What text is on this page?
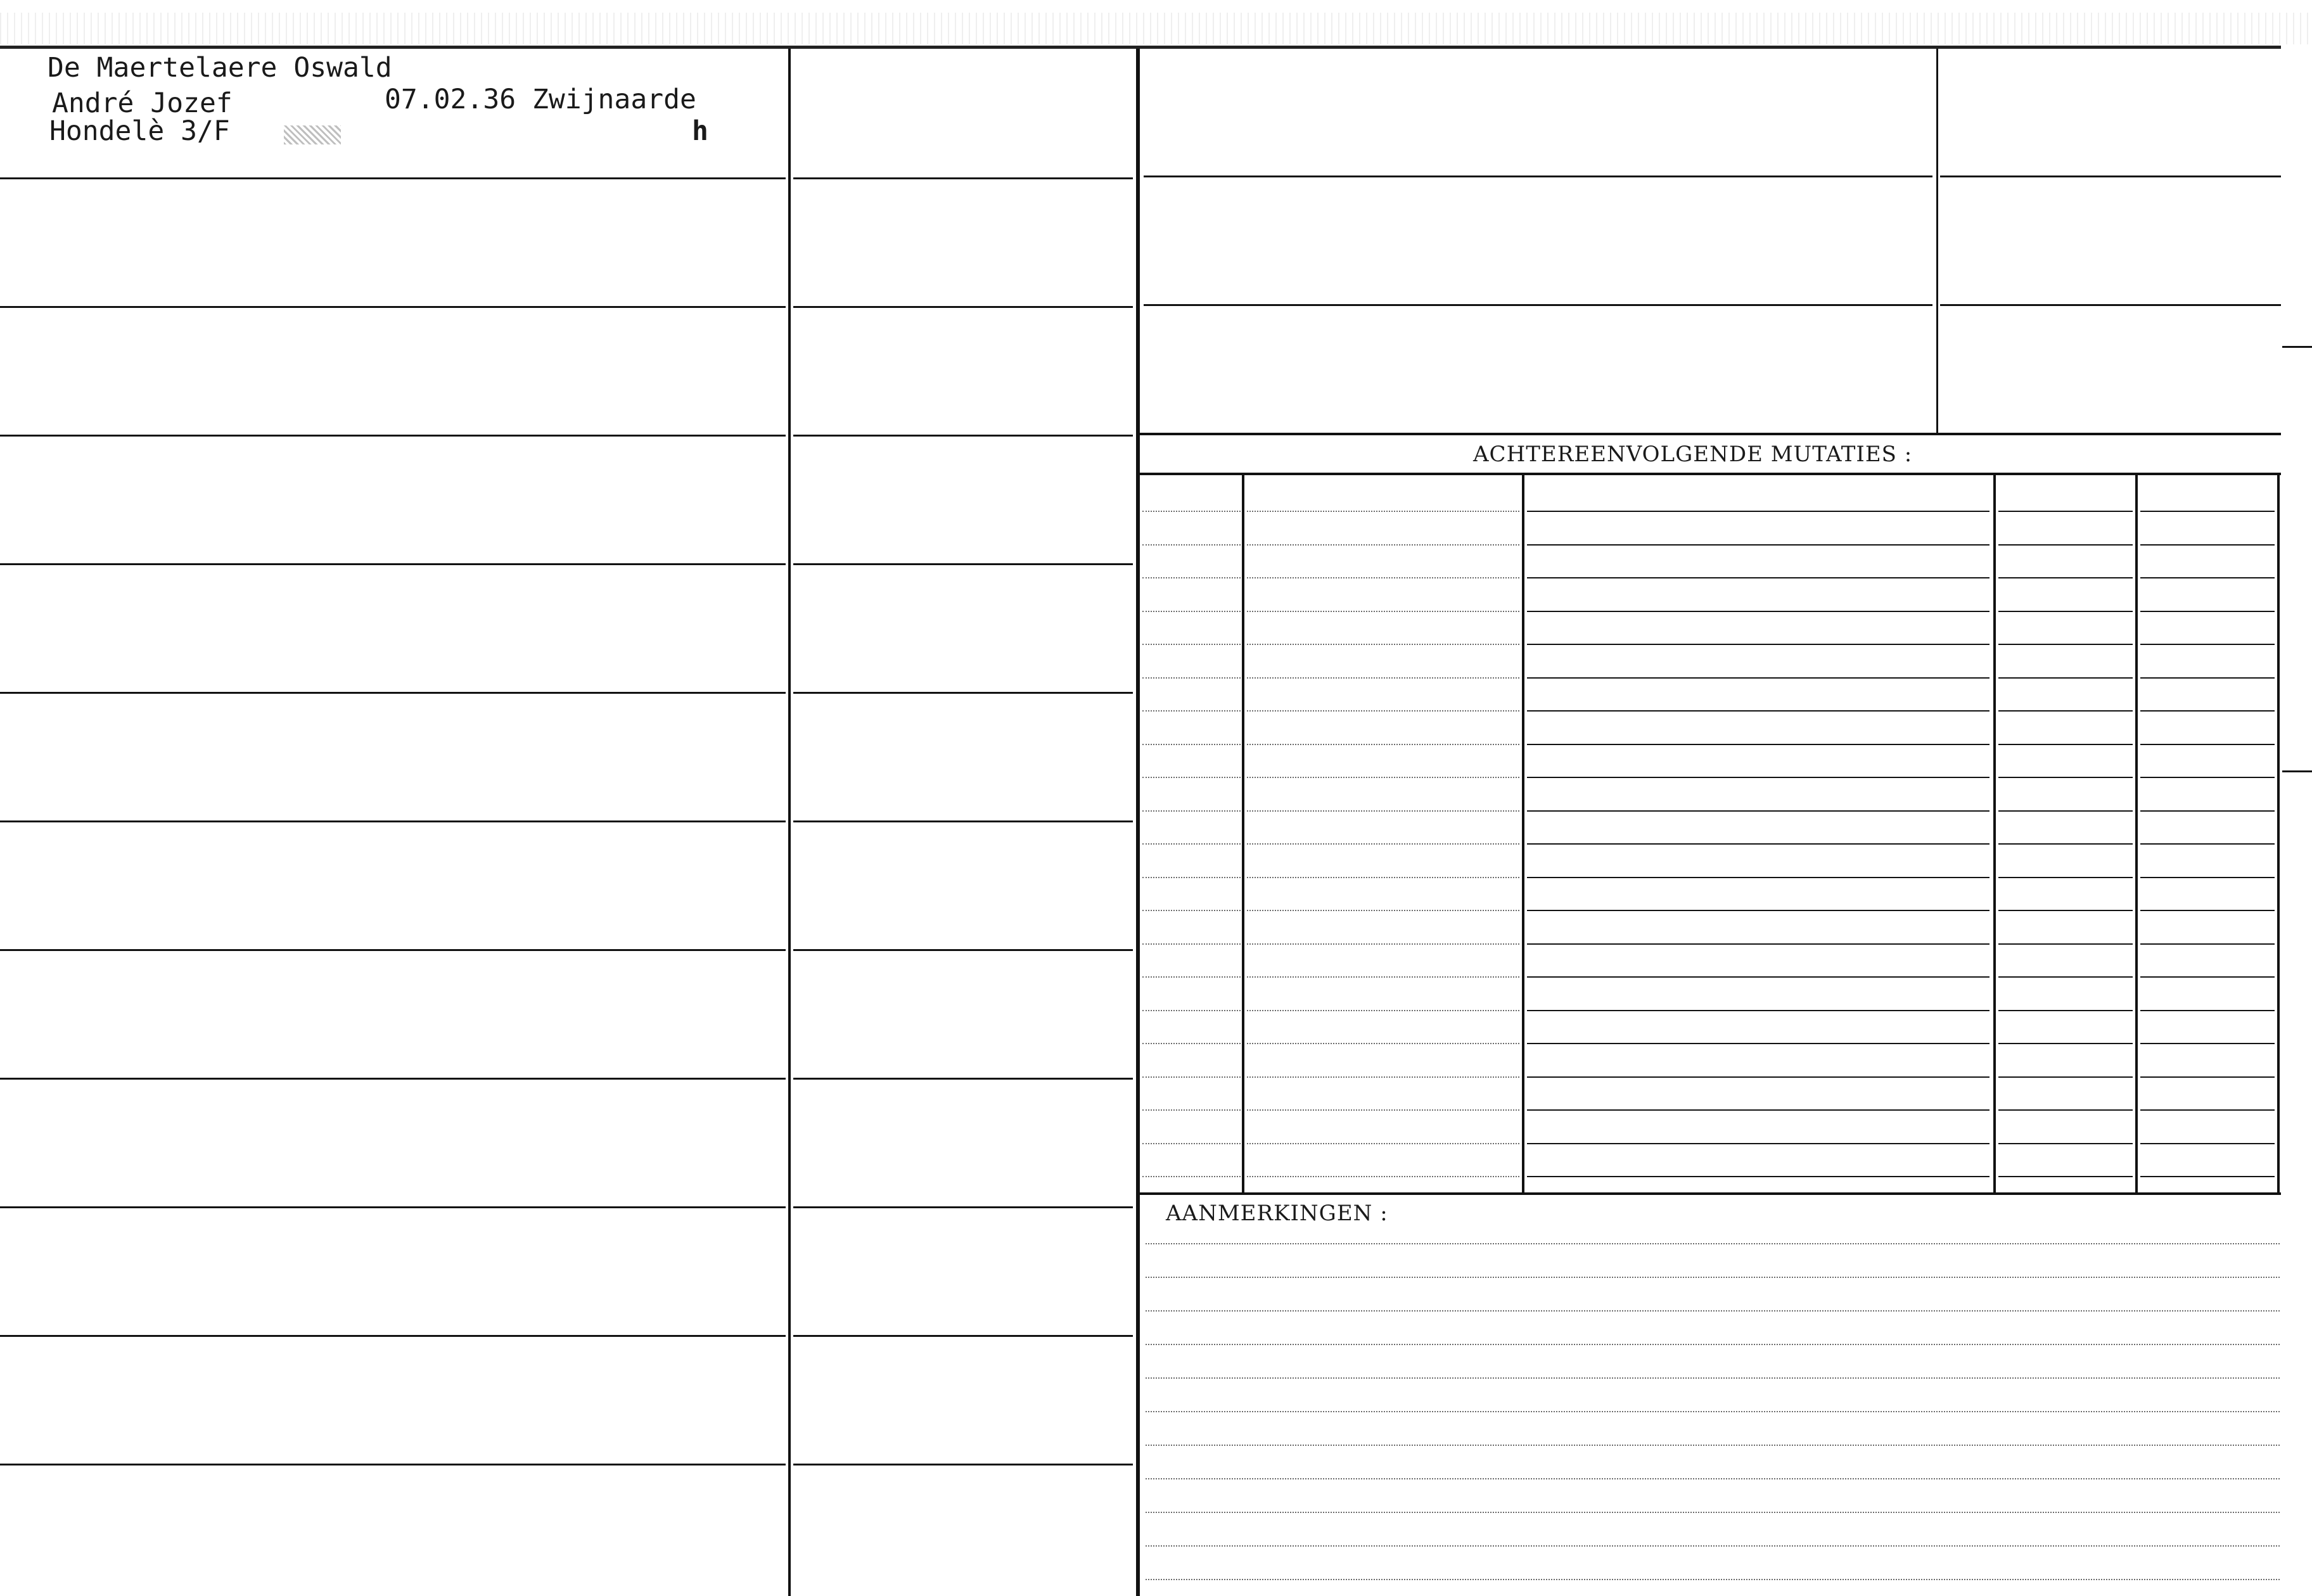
De Maertelaere Oswald
André Jozef	07.02.36 Zwijnaarde
Hondelè 3/F	h
ACHTEREENVOLGENDE MUTATIES :
AANMERKINGEN :
